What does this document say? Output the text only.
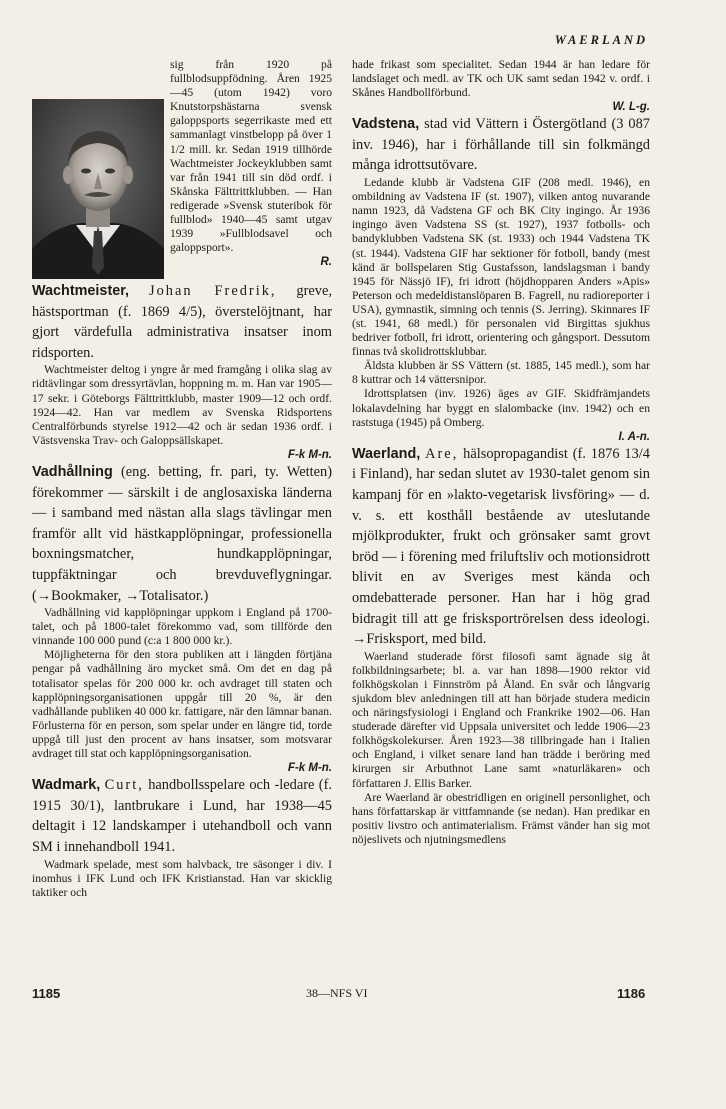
WAERLAND

sig från 1920 på fullblodsuppfödning. Åren 1925 —45 (utom 1942) voro Knutstorpshästarna svensk galoppsports segerrikaste med ett sammanlagt vinstbelopp på över 1 1/2 mill. kr. Sedan 1919 tillhörde Wachtmeister Jockeyklubben samt var från 1941 till sin död ordf. i Skånska Fälttrittklubben. — Han redigerade »Svensk stuteribok för fullblod» 1940—45 samt utgav 1939 »Fullblodsavel och galoppsport».

R.

Wachtmeister, Johan Fredrik, greve, hästsportman (f. 1869 4/5), överstelöjtnant, har gjort värdefulla administrativa insatser inom ridsporten.

Wachtmeister deltog i yngre år med framgång i olika slag av ridtävlingar som dressyrtävlan, hoppning m. m. Han var 1905—17 sekr. i Göteborgs Fälttrittklubb, master 1909—12 och ordf. 1924—42. Han var medlem av Svenska Ridsportens Centralförbunds styrelse 1912—42 och är sedan 1936 ordf. i Västsvenska Trav- och Galoppsällskapet.

F-k M-n.

Vadhållning (eng. betting, fr. pari, ty. Wetten) förekommer — särskilt i de anglosaxiska länderna — i samband med nästan alla slags tävlingar men framför allt vid hästkapplöpningar, professionella boxningsmatcher, hundkapplöpningar, tuppfäktningar och brevduveflygningar. (→Bookmaker, →Totalisator.)

Vadhållning vid kapplöpningar uppkom i England på 1700-talet, och på 1800-talet förekommo vad, som tillförde den vinnande 100 000 pund (c:a 1 800 000 kr.).

Möjligheterna för den stora publiken att i längden förtjäna pengar på vadhållning äro mycket små. Om det en dag på totalisator spelas för 200 000 kr. och avdraget till staten och kapplöpningsorganisationen uppgår till 20 %, är den vadhållande publiken 40 000 kr. fattigare, när den lämnar banan. Förlusterna för en person, som spelar under en längre tid, torde uppgå till just den procent av hans insatser, som motsvarar avdraget till stat och kapplöpningsorganisation.

F-k M-n.

Wadmark, Curt, handbollsspelare och -ledare (f. 1915 30/1), lantbrukare i Lund, har 1938—45 deltagit i 12 landskamper i utehandboll och vann SM i innehandboll 1941.

Wadmark spelade, mest som halvback, tre säsonger i div. I inomhus i IFK Lund och IFK Kristianstad. Han var skicklig taktiker och

hade frikast som specialitet. Sedan 1944 är han ledare för landslaget och medl. av TK och UK samt sedan 1942 v. ordf. i Skånes Handbollförbund.

W. L-g.

Vadstena, stad vid Vättern i Östergötland (3 087 inv. 1946), har i förhållande till sin folkmängd många idrottsutövare.

Ledande klubb är Vadstena GIF (208 medl. 1946), en ombildning av Vadstena IF (st. 1907), vilken antog nuvarande namn 1923, då Vadstena GF och BK City ingingo. År 1936 ingingo även Vadstena SS (st. 1927), 1937 fotbolls- och bandyklubben Vadstena SK (st. 1933) och 1944 Vadstena TK (st. 1944). Vadstena GIF har sektioner för fotboll, bandy (mest känd är bollspelaren Stig Gustafsson, landslagsman i bandy 1945 för Nässjö IF), fri idrott (höjdhopparen Anders »Apis» Peterson och medeldistanslöparen B. Fagrell, nu radioreporter i USA), gymnastik, simning och tennis (S. Jerring). Skinnares IF (st. 1941, 68 medl.) för personalen vid Birgittas sjukhus bedriver fotboll, fri idrott, orientering och gångsport. Dessutom finnas två skolidrottsklubbar.

Äldsta klubben är SS Vättern (st. 1885, 145 medl.), som har 8 kuttrar och 14 vättersnipor.

Idrottsplatsen (inv. 1926) äges av GIF. Skidfrämjandets lokalavdelning har byggt en slalombacke (inv. 1942) och en raststuga (1945) på Omberg.

I. A-n.

Waerland, Are, hälsopropagandist (f. 1876 13/4 i Finland), har sedan slutet av 1930-talet genom sin kampanj för en »lakto-vegetarisk livsföring» — d. v. s. ett kosthåll bestående av uteslutande mjölkprodukter, frukt och grönsaker samt grovt bröd — i förening med friluftsliv och motionsidrott blivit en av Sveriges mest kända och omdebatterade personer. Han har i hög grad bidragit till att ge frisksportrörelsen dess ideologi. →Frisksport, med bild.

Waerland studerade först filosofi samt ägnade sig åt folkbildningsarbete; bl. a. var han 1898—1900 rektor vid folkhögskolan i Finnström på Åland. En svår och långvarig sjukdom blev anledningen till att han började studera medicin och näringsfysiologi i England och Frankrike 1902—06. Han studerade därefter vid Uppsala universitet och ledde 1906—23 folkhögskolekurser. Åren 1923—38 tillbringade han i Italien och England, i vilket senare land han trädde i beröring med kirurgen sir Arbuthnot Lane samt »naturläkaren» och författaren J. Ellis Barker.

Are Waerland är obestridligen en originell personlighet, och hans författarskap är vittfamnande (se nedan). Han predikar en positiv livstro och antimaterialism. Främst vänder han sig mot nöjeslivets och njutningsmedlens

1185	38—NFS VI	1186
